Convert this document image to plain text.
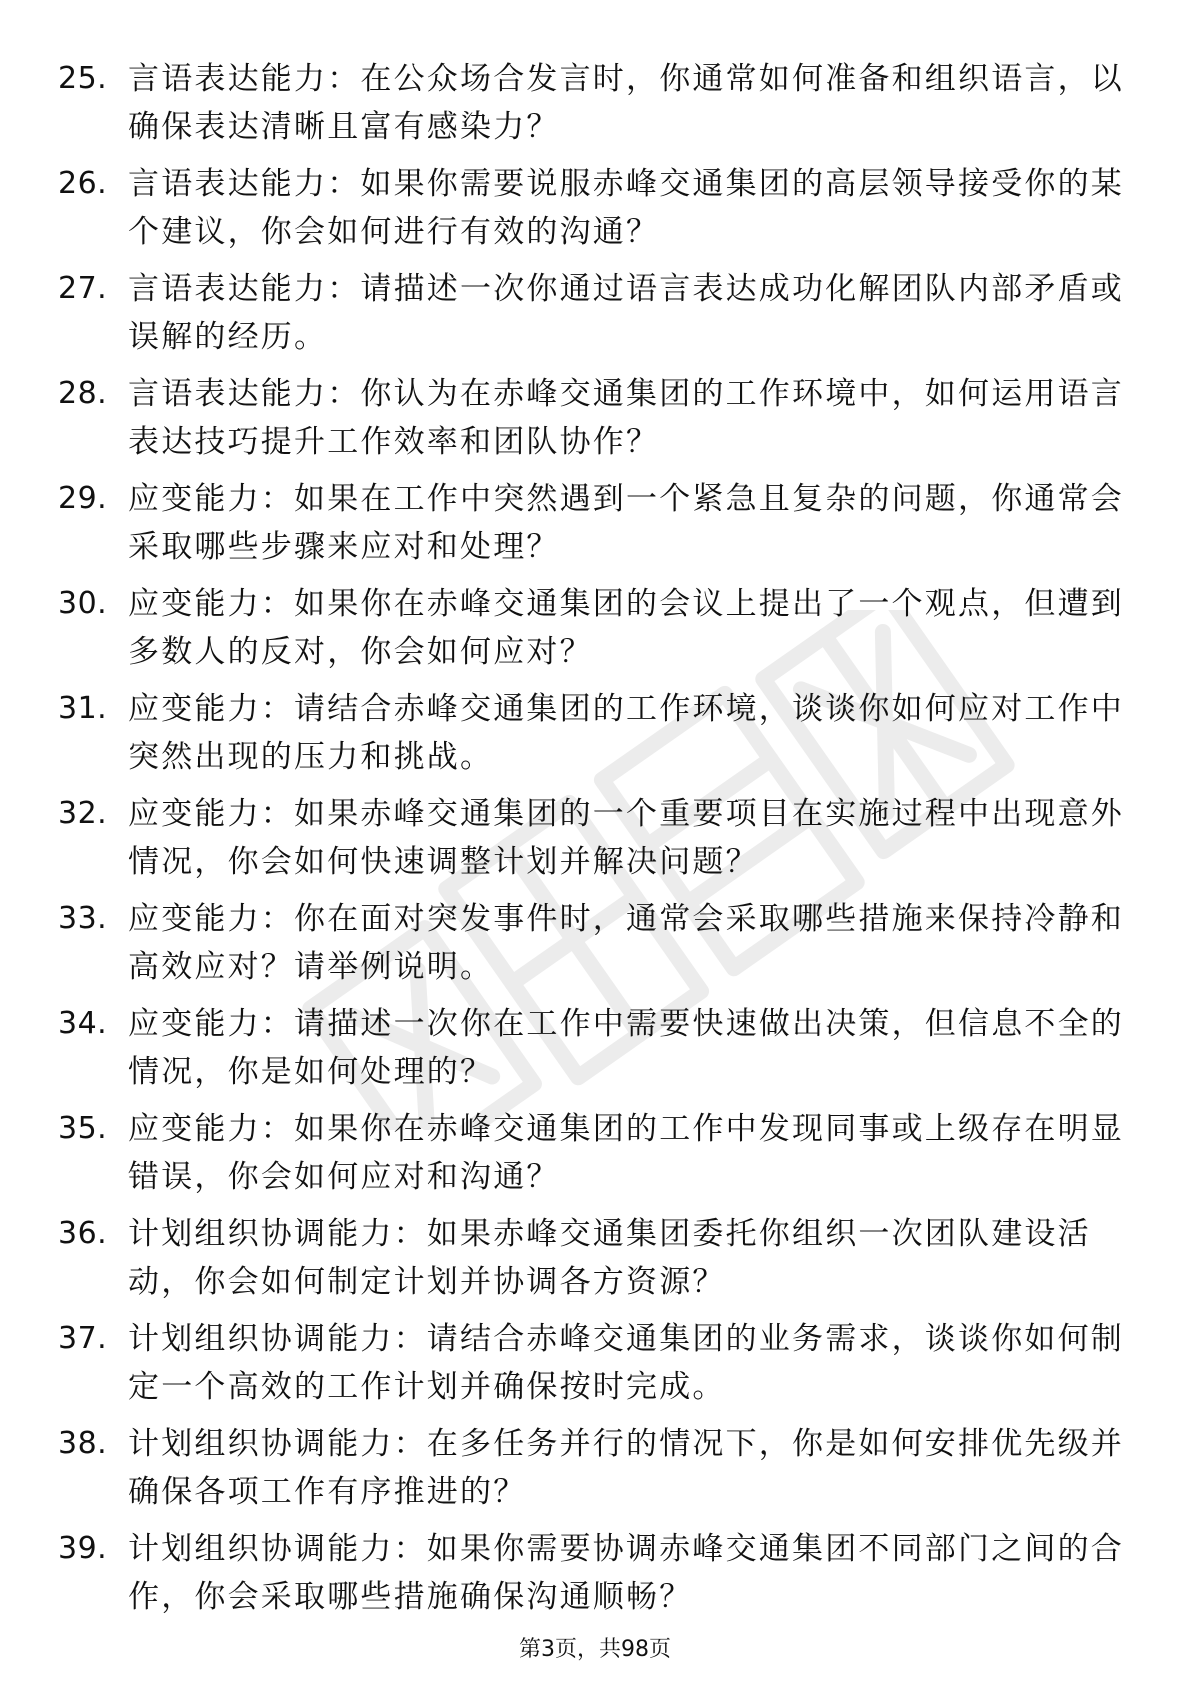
25. 言语表达能力：在公众场合发言时，你通常如何准备和组织语言，以确保表达清晰且富有感染力？
26. 言语表达能力：如果你需要说服赤峰交通集团的高层领导接受你的某个建议，你会如何进行有效的沟通？
27. 言语表达能力：请描述一次你通过语言表达成功化解团队内部矛盾或误解的经历。
28. 言语表达能力：你认为在赤峰交通集团的工作环境中，如何运用语言表达技巧提升工作效率和团队协作？
29. 应变能力：如果在工作中突然遇到一个紧急且复杂的问题，你通常会采取哪些步骤来应对和处理？
30. 应变能力：如果你在赤峰交通集团的会议上提出了一个观点，但遭到多数人的反对，你会如何应对？
31. 应变能力：请结合赤峰交通集团的工作环境，谈谈你如何应对工作中突然出现的压力和挑战。
32. 应变能力：如果赤峰交通集团的一个重要项目在实施过程中出现意外情况，你会如何快速调整计划并解决问题？
33. 应变能力：你在面对突发事件时，通常会采取哪些措施来保持冷静和高效应对？请举例说明。
34. 应变能力：请描述一次你在工作中需要快速做出决策，但信息不全的情况，你是如何处理的？
35. 应变能力：如果你在赤峰交通集团的工作中发现同事或上级存在明显错误，你会如何应对和沟通？
36. 计划组织协调能力：如果赤峰交通集团委托你组织一次团队建设活动，你会如何制定计划并协调各方资源？
37. 计划组织协调能力：请结合赤峰交通集团的业务需求，谈谈你如何制定一个高效的工作计划并确保按时完成。
38. 计划组织协调能力：在多任务并行的情况下，你是如何安排优先级并确保各项工作有序推进的？
39. 计划组织协调能力：如果你需要协调赤峰交通集团不同部门之间的合作，你会采取哪些措施确保沟通顺畅？
第3页，共98页
